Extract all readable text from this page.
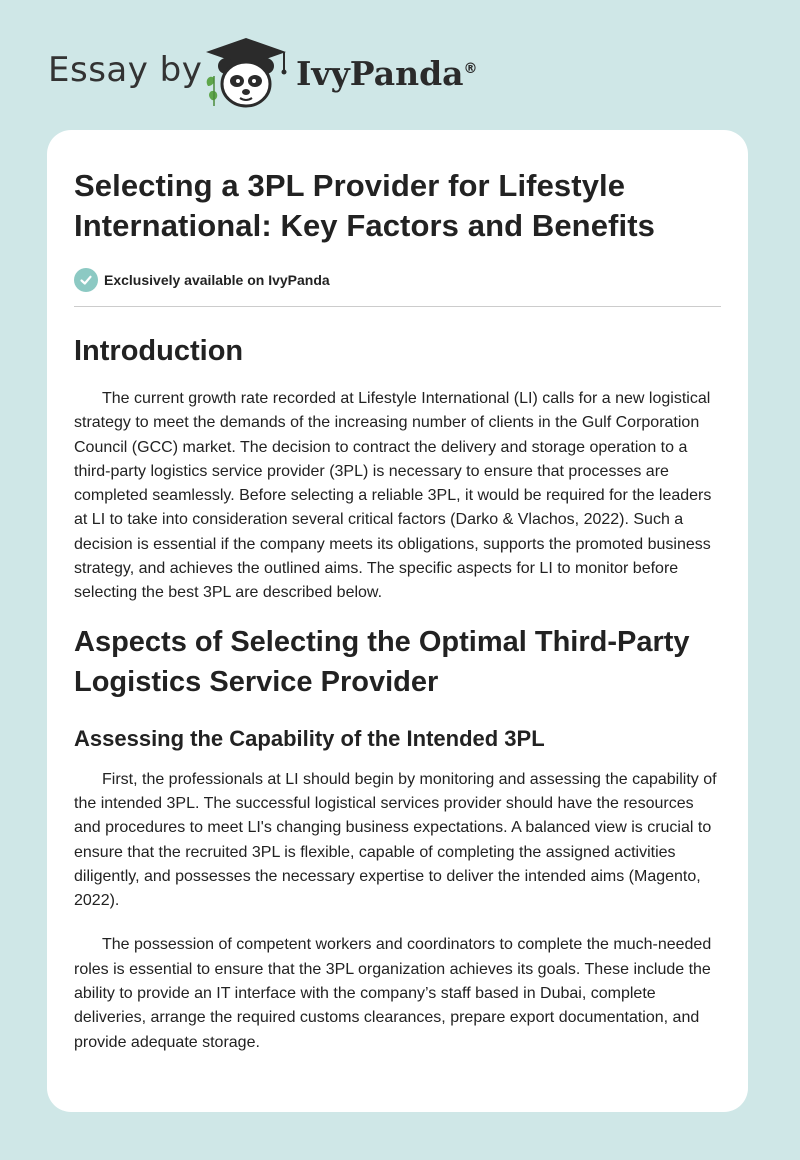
Essay by	IvyPanda®
Selecting a 3PL Provider for Lifestyle International: Key Factors and Benefits
Exclusively available on IvyPanda
Introduction

The current growth rate recorded at Lifestyle International (LI) calls for a new logistical strategy to meet the demands of the increasing number of clients in the Gulf Corporation Council (GCC) market. The decision to contract the delivery and storage operation to a third-party logistics service provider (3PL) is necessary to ensure that processes are completed seamlessly. Before selecting a reliable 3PL, it would be required for the leaders at LI to take into consideration several critical factors (Darko & Vlachos, 2022). Such a decision is essential if the company meets its obligations, supports the promoted business strategy, and achieves the outlined aims. The specific aspects for LI to monitor before selecting the best 3PL are described below.

Aspects of Selecting the Optimal Third-Party Logistics Service Provider
Assessing the Capability of the Intended 3PL

First, the professionals at LI should begin by monitoring and assessing the capability of the intended 3PL. The successful logistical services provider should have the resources and procedures to meet LI's changing business expectations. A balanced view is crucial to ensure that the recruited 3PL is flexible, capable of completing the assigned activities diligently, and possesses the necessary expertise to deliver the intended aims (Magento, 2022).

The possession of competent workers and coordinators to complete the much-needed roles is essential to ensure that the 3PL organization achieves its goals. These include the ability to provide an IT interface with the company’s staff based in Dubai, complete deliveries, arrange the required customs clearances, prepare export documentation, and provide adequate storage.
